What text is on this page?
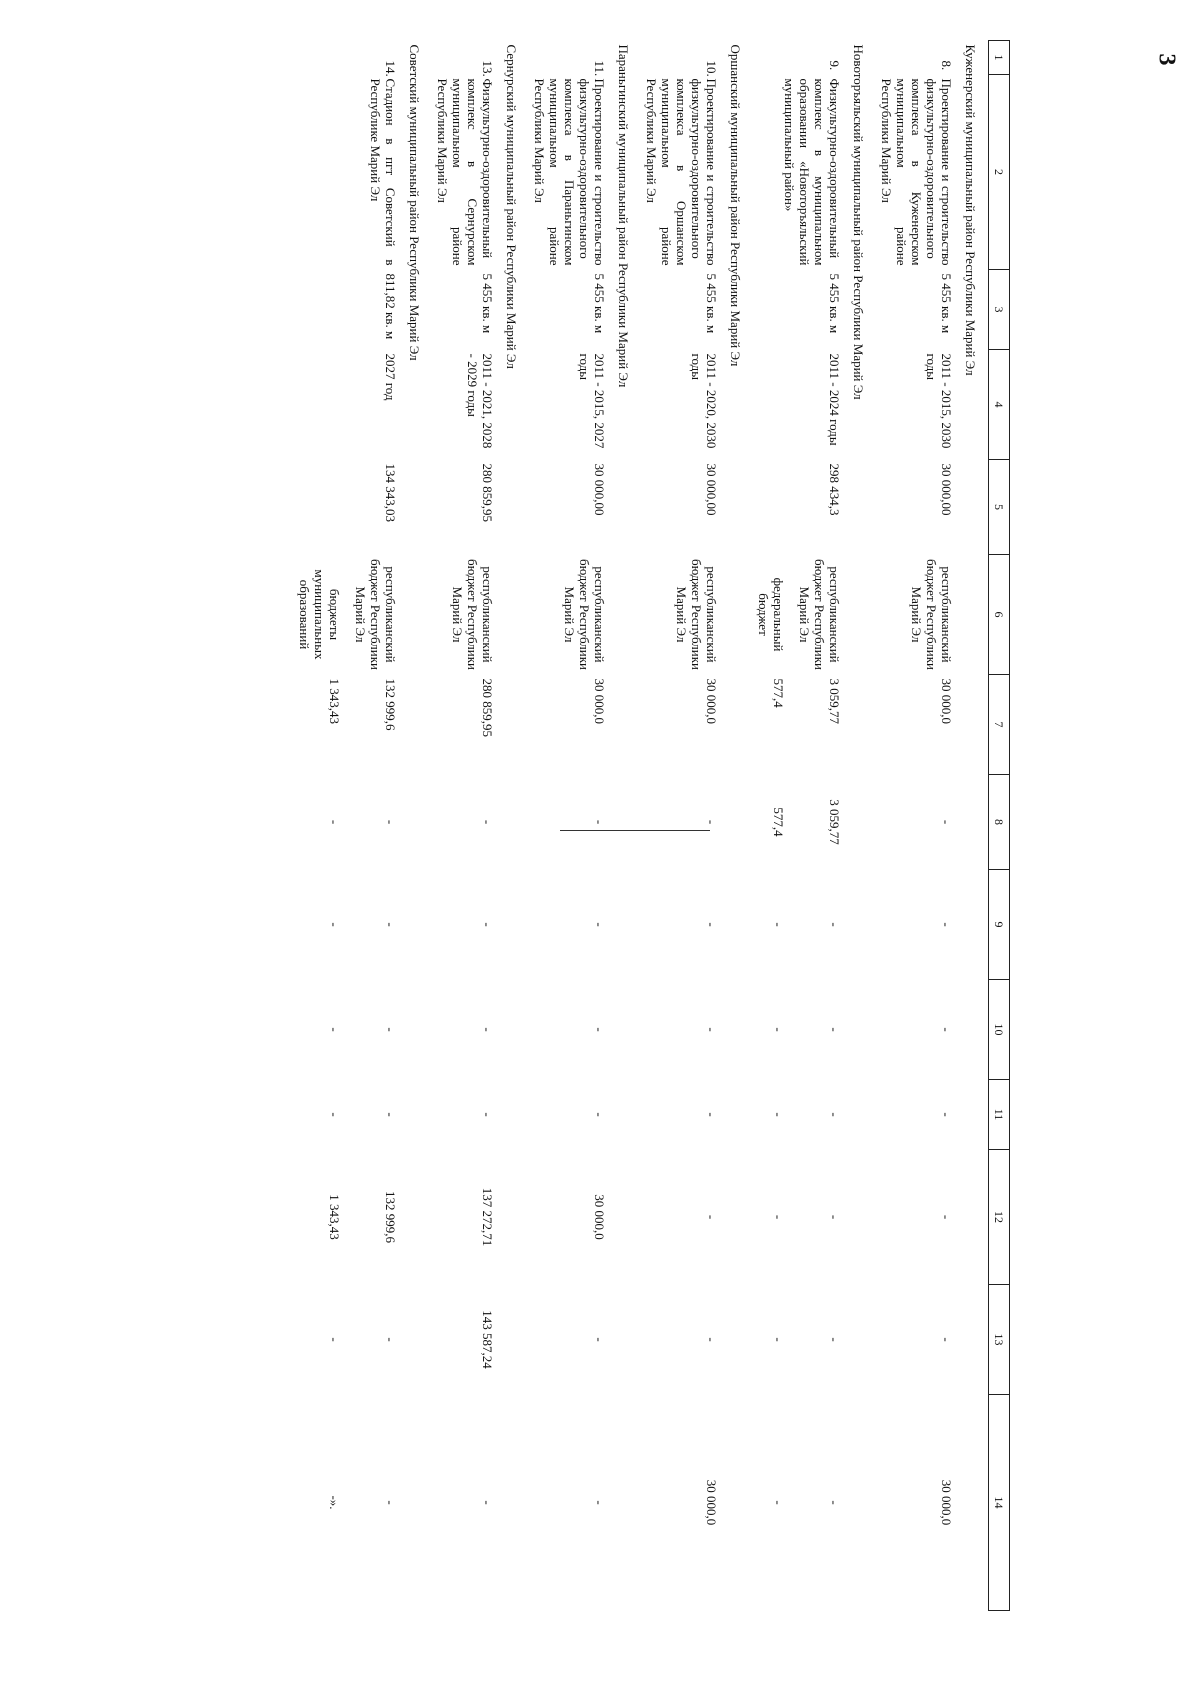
3
1	2	3	4	5	6	7	8	9	10	11	12	13	14
Куженерский муниципальный район Республики Марий Эл													
8.	Проектирование и строительство физкультурно-оздоровительного комплекса в Куженерском муниципальном районе Республики Марий Эл	5 455 кв. м	2011 - 2015, 2030 годы	30 000,00	республиканский бюджет Республики Марий Эл	30 000,0	-	-	-	-	-	-	30 000,0
Новоторъяльский муниципальный район Республики Марий Эл													
9.	Физкультурно-оздоровительный комплекс в муниципальном образовании «Новоторъяльский муниципальный район»	5 455 кв. м	2011 - 2024 годы	298 434,3	республиканский бюджет Республики Марий Эл	3 059,77	3 059,77	-	-	-	-	-	-
					федеральный бюджет	577,4	577,4	-	-	-	-	-	-
Оршанский муниципальный район Республики Марий Эл													
10.	Проектирование и строительство физкультурно-оздоровительного комплекса в Оршанском муниципальном районе Республики Марий Эл	5 455 кв. м	2011 - 2020, 2030 годы	30 000,00	республиканский бюджет Республики Марий Эл	30 000,0	-	-	-	-	-	-	30 000,0
Параньгинский муниципальный район Республики Марий Эл													
11.	Проектирование и строительство физкультурно-оздоровительного комплекса в Параньгинском муниципальном районе Республики Марий Эл	5 455 кв. м	2011 - 2015, 2027 годы	30 000,00	республиканский бюджет Республики Марий Эл	30 000,0	-	-	-	-	30 000,0	-	-
Сернурский муниципальный район Республики Марий Эл													
13.	Физкультурно-оздоровительный комплекс в Сернурском муниципальном районе Республики Марий Эл	5 455 кв. м	2011 - 2021, 2028 - 2029 годы	280 859,95	республиканский бюджет Республики Марий Эл	280 859,95	-	-	-	-	137 272,71	143 587,24	-
Советский муниципальный район Республики Марий Эл													
14.	Стадион в пгт Советский в Республике Марий Эл	811,82 кв. м	2027 год	134 343,03	республиканский бюджет Республики Марий Эл	132 999,6	-	-	-	-	132 999,6	-	-
					бюджеты муниципальных образований	1 343,43	-	-	-	-	1 343,43	-	-».
